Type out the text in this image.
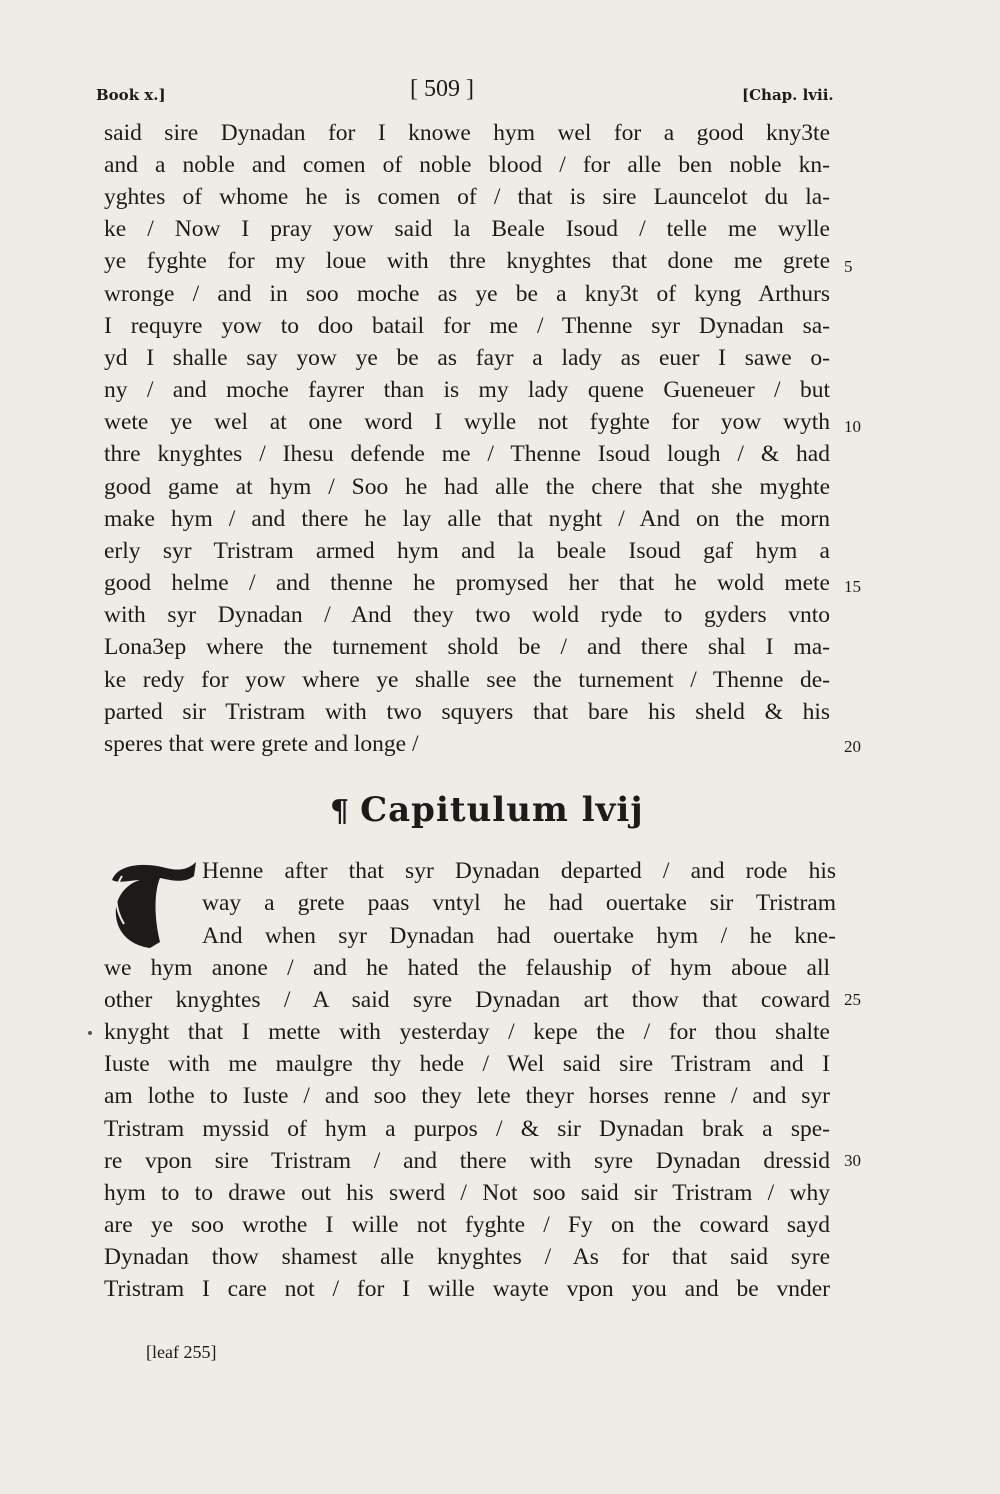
Book x.]	[ 509 ]	[Chap. lvii.
said sire Dynadan for I knowe hym wel for a good kny3te
and a noble and comen of noble blood / for alle ben noble kn-
yghtes of whome he is comen of / that is sire Launcelot du la-
ke / Now I pray yow said la Beale Isoud / telle me wylle
ye fyghte for my loue with thre knyghtes that done me grete
wronge / and in soo moche as ye be a kny3t of kyng Arthurs
I requyre yow to doo batail for me / Thenne syr Dynadan sa-
yd I shalle say yow ye be as fayr a lady as euer I sawe o-
ny / and moche fayrer than is my lady quene Gueneuer / but
wete ye wel at one word I wylle not fyghte for yow wyth
thre knyghtes / Ihesu defende me / Thenne Isoud lough / & had
good game at hym / Soo he had alle the chere that she myghte
make hym / and there he lay alle that nyght / And on the morn
erly syr Tristram armed hym and la beale Isoud gaf hym a
good helme / and thenne he promysed her that he wold mete
with syr Dynadan / And they two wold ryde to gyders vnto
Lona3ep where the turnement shold be / and there shal I ma-
ke redy for yow where ye shalle see the turnement / Thenne de-
parted sir Tristram with two squyers that bare his sheld & his
speres that were grete and longe /
5
10
15
20
¶ Capitulum lvij
Henne after that syr Dynadan departed / and rode his
way a grete paas vntyl he had ouertake sir Tristram
And when syr Dynadan had ouertake hym / he kne-
we hym anone / and he hated the felauship of hym aboue all
other knyghtes / A said syre Dynadan art thow that coward
knyght that I mette with yesterday / kepe the / for thou shalte
Iuste with me maulgre thy hede / Wel said sire Tristram and I
am lothe to Iuste / and soo they lete theyr horses renne / and syr
Tristram myssid of hym a purpos / & sir Dynadan brak a spe-
re vpon sire Tristram / and there with syre Dynadan dressid
hym to to drawe out his swerd / Not soo said sir Tristram / why
are ye soo wrothe I wille not fyghte / Fy on the coward sayd
Dynadan thow shamest alle knyghtes / As for that said syre
Tristram I care not / for I wille wayte vpon you and be vnder
25
30
[leaf 255]
